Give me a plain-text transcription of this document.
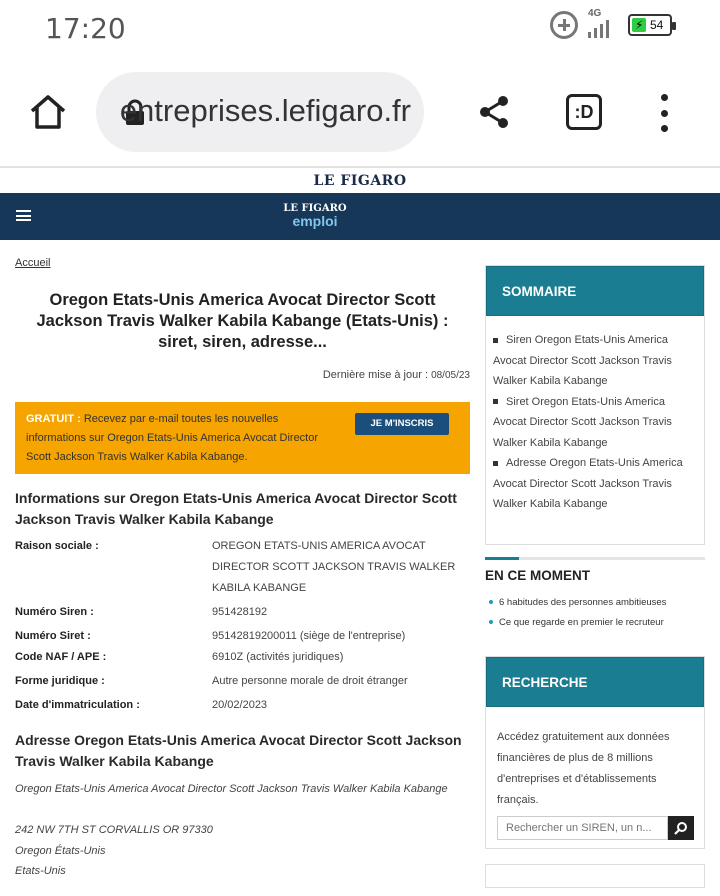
17:20	4G
⚡ 54
entreprises.lefigaro.fr	:D
LE FIGARO
LE FIGARO
emploi
Accueil
Oregon Etats-Unis America Avocat Director Scott Jackson Travis Walker Kabila Kabange (Etats-Unis) : siret, siren, adresse...
Dernière mise à jour : 08/05/23
GRATUIT : Recevez par e-mail toutes les nouvelles informations sur Oregon Etats-Unis America Avocat Director Scott Jackson Travis Walker Kabila Kabange.
JE M'INSCRIS
Informations sur Oregon Etats-Unis America Avocat Director Scott Jackson Travis Walker Kabila Kabange
Raison sociale :	OREGON ETATS-UNIS AMERICA AVOCAT DIRECTOR SCOTT JACKSON TRAVIS WALKER KABILA KABANGE
Numéro Siren :	951428192
Numéro Siret :	95142819200011 (siège de l'entreprise)
Code NAF / APE :	6910Z (activités juridiques)
Forme juridique :	Autre personne morale de droit étranger
Date d'immatriculation :	20/02/2023
Adresse Oregon Etats-Unis America Avocat Director Scott Jackson Travis Walker Kabila Kabange
Oregon Etats-Unis America Avocat Director Scott Jackson Travis Walker Kabila Kabange
242 NW 7TH ST CORVALLIS OR 97330
Oregon États-Unis
Etats-Unis
SOMMAIRE
Siren Oregon Etats-Unis America Avocat Director Scott Jackson Travis Walker Kabila Kabange
Siret Oregon Etats-Unis America Avocat Director Scott Jackson Travis Walker Kabila Kabange
Adresse Oregon Etats-Unis America Avocat Director Scott Jackson Travis Walker Kabila Kabange
EN CE MOMENT
6 habitudes des personnes ambitieuses
Ce que regarde en premier le recruteur
RECHERCHE
Accédez gratuitement aux données financières de plus de 8 millions d'entreprises et d'établissements français.
Rechercher un SIREN, un n...
